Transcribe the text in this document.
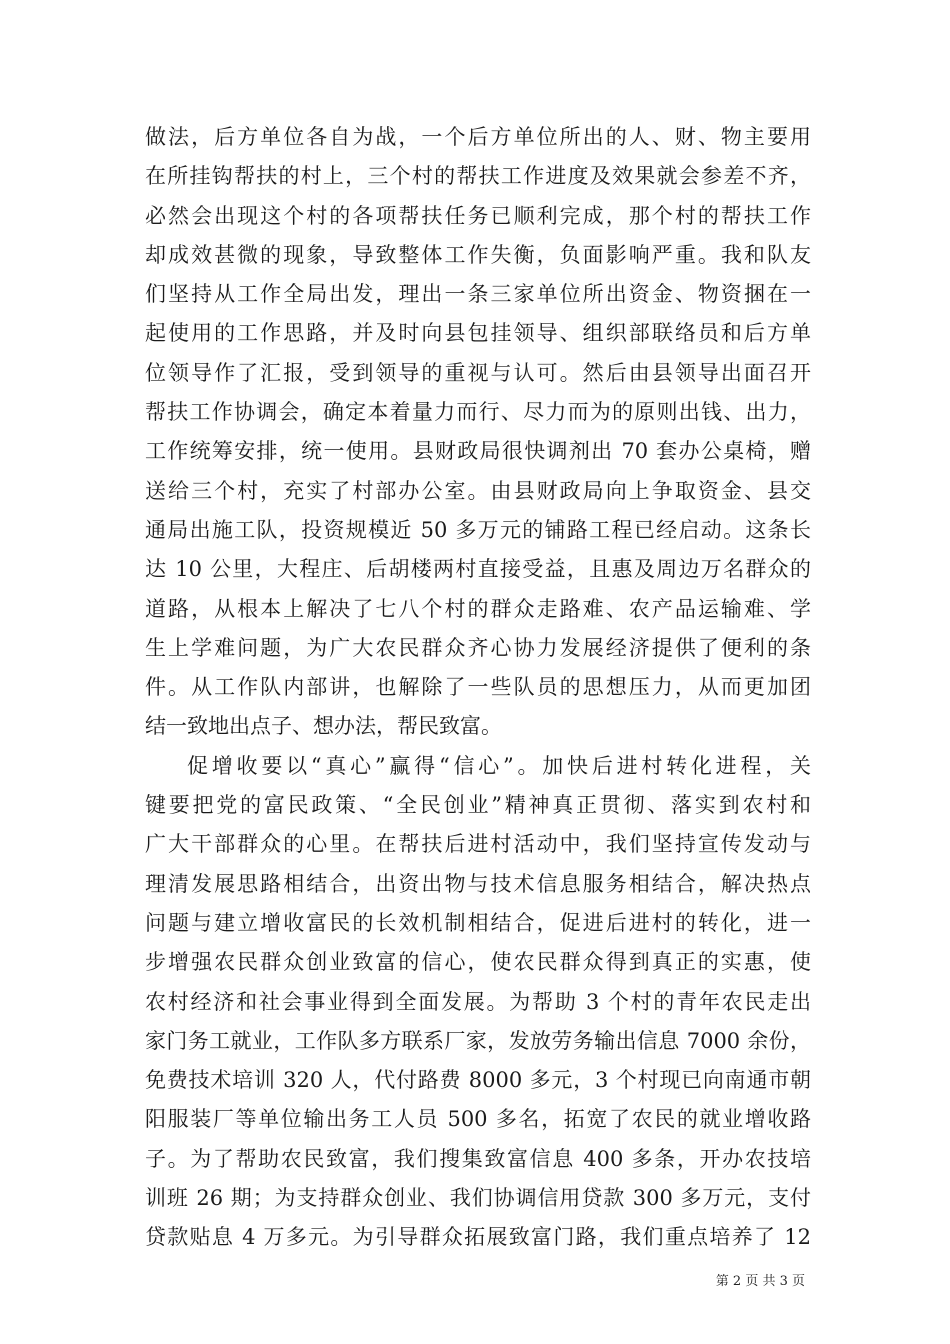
做法，后方单位各自为战，一个后方单位所出的人、财、物主要用
在所挂钩帮扶的村上，三个村的帮扶工作进度及效果就会参差不齐，
必然会出现这个村的各项帮扶任务已顺利完成，那个村的帮扶工作
却成效甚微的现象，导致整体工作失衡，负面影响严重。我和队友
们坚持从工作全局出发，理出一条三家单位所出资金、物资捆在一
起使用的工作思路，并及时向县包挂领导、组织部联络员和后方单
位领导作了汇报，受到领导的重视与认可。然后由县领导出面召开
帮扶工作协调会，确定本着量力而行、尽力而为的原则出钱、出力，
工作统筹安排，统一使用。县财政局很快调剂出 70 套办公桌椅，赠
送给三个村，充实了村部办公室。由县财政局向上争取资金、县交
通局出施工队，投资规模近 50 多万元的铺路工程已经启动。这条长
达 10 公里，大程庄、后胡楼两村直接受益，且惠及周边万名群众的
道路，从根本上解决了七八个村的群众走路难、农产品运输难、学
生上学难问题，为广大农民群众齐心协力发展经济提供了便利的条
件。从工作队内部讲，也解除了一些队员的思想压力，从而更加团
结一致地出点子、想办法，帮民致富。
促增收要以“真心”赢得“信心”。加快后进村转化进程，关
键要把党的富民政策、“全民创业”精神真正贯彻、落实到农村和
广大干部群众的心里。在帮扶后进村活动中，我们坚持宣传发动与
理清发展思路相结合，出资出物与技术信息服务相结合，解决热点
问题与建立增收富民的长效机制相结合，促进后进村的转化，进一
步增强农民群众创业致富的信心，使农民群众得到真正的实惠，使
农村经济和社会事业得到全面发展。为帮助 3 个村的青年农民走出
家门务工就业，工作队多方联系厂家，发放劳务输出信息 7000 余份，
免费技术培训 320 人，代付路费 8000 多元，3 个村现已向南通市朝
阳服装厂等单位输出务工人员 500 多名，拓宽了农民的就业增收路
子。为了帮助农民致富，我们搜集致富信息 400 多条，开办农技培
训班 26 期；为支持群众创业、我们协调信用贷款 300 多万元，支付
贷款贴息 4 万多元。为引导群众拓展致富门路，我们重点培养了 12
第 2 页 共 3 页
